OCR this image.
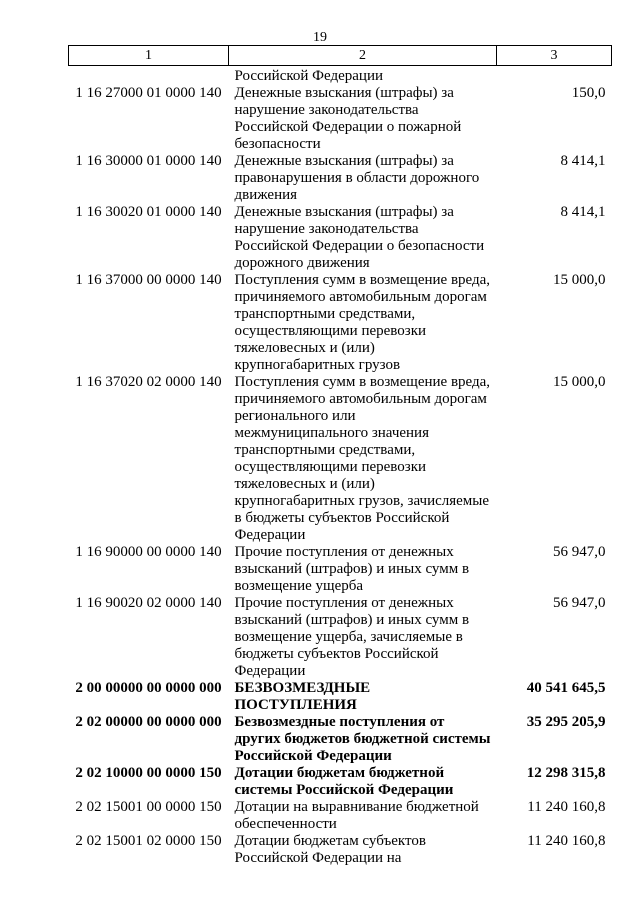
19
1	2	3
	Российской Федерации	
1 16 27000 01 0000 140	Денежные взыскания (штрафы) за нарушение законодательства Российской Федерации о пожарной безопасности	150,0
1 16 30000 01 0000 140	Денежные взыскания (штрафы) за правонарушения в области дорожного движения	8 414,1
1 16 30020 01 0000 140	Денежные взыскания (штрафы) за нарушение законодательства Российской Федерации о безопасности дорожного движения	8 414,1
1 16 37000 00 0000 140	Поступления сумм в возмещение вреда, причиняемого автомобильным дорогам транспортными средствами, осуществляющими перевозки тяжеловесных и (или) крупногабаритных грузов	15 000,0
1 16 37020 02 0000 140	Поступления сумм в возмещение вреда, причиняемого автомобильным дорогам регионального или межмуниципального значения транспортными средствами, осуществляющими перевозки тяжеловесных и (или) крупногабаритных грузов, зачисляемые в бюджеты субъектов Российской Федерации	15 000,0
1 16 90000 00 0000 140	Прочие поступления от денежных взысканий (штрафов) и иных сумм в возмещение ущерба	56 947,0
1 16 90020 02 0000 140	Прочие поступления от денежных взысканий (штрафов) и иных сумм в возмещение ущерба, зачисляемые в бюджеты субъектов Российской Федерации	56 947,0
2 00 00000 00 0000 000	БЕЗВОЗМЕЗДНЫЕ ПОСТУПЛЕНИЯ	40 541 645,5
2 02 00000 00 0000 000	Безвозмездные поступления от других бюджетов бюджетной системы Российской Федерации	35 295 205,9
2 02 10000 00 0000 150	Дотации бюджетам бюджетной системы Российской Федерации	12 298 315,8
2 02 15001 00 0000 150	Дотации на выравнивание бюджетной обеспеченности	11 240 160,8
2 02 15001 02 0000 150	Дотации бюджетам субъектов Российской Федерации на	11 240 160,8
